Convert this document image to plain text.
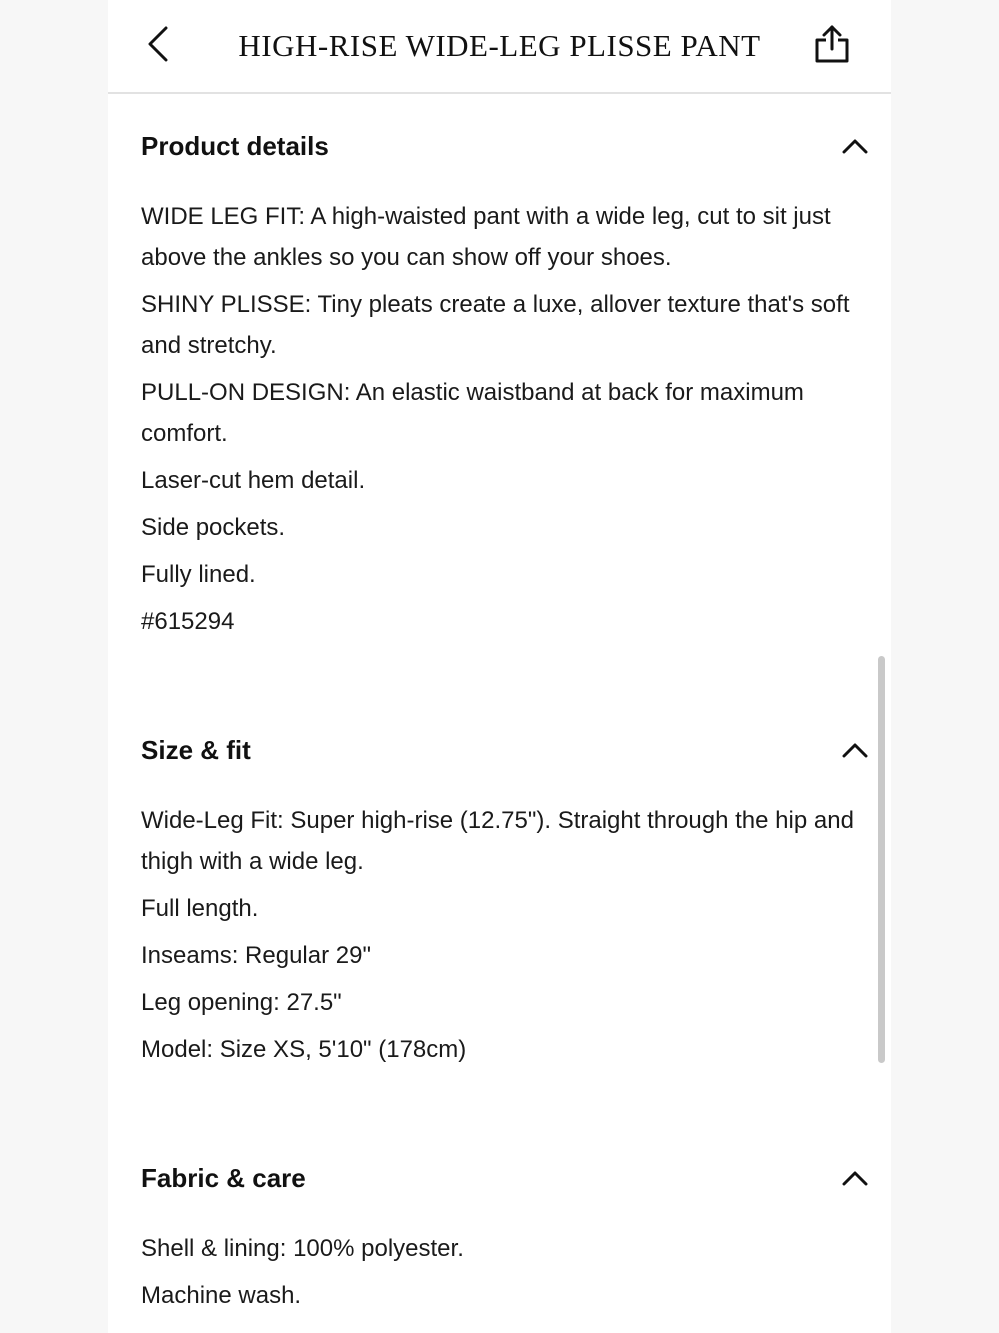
HIGH-RISE WIDE-LEG PLISSE PANT
Product details

WIDE LEG FIT: A high-waisted pant with a wide leg, cut to sit just above the ankles so you can show off your shoes.

SHINY PLISSE: Tiny pleats create a luxe, allover texture that's soft and stretchy.

PULL-ON DESIGN: An elastic waistband at back for maximum comfort.

Laser-cut hem detail.

Side pockets.

Fully lined.

#615294

Size & fit

Wide-Leg Fit: Super high-rise (12.75"). Straight through the hip and thigh with a wide leg.

Full length.

Inseams: Regular 29"

Leg opening: 27.5"

Model: Size XS, 5'10" (178cm)

Fabric & care

Shell & lining: 100% polyester.

Machine wash.
